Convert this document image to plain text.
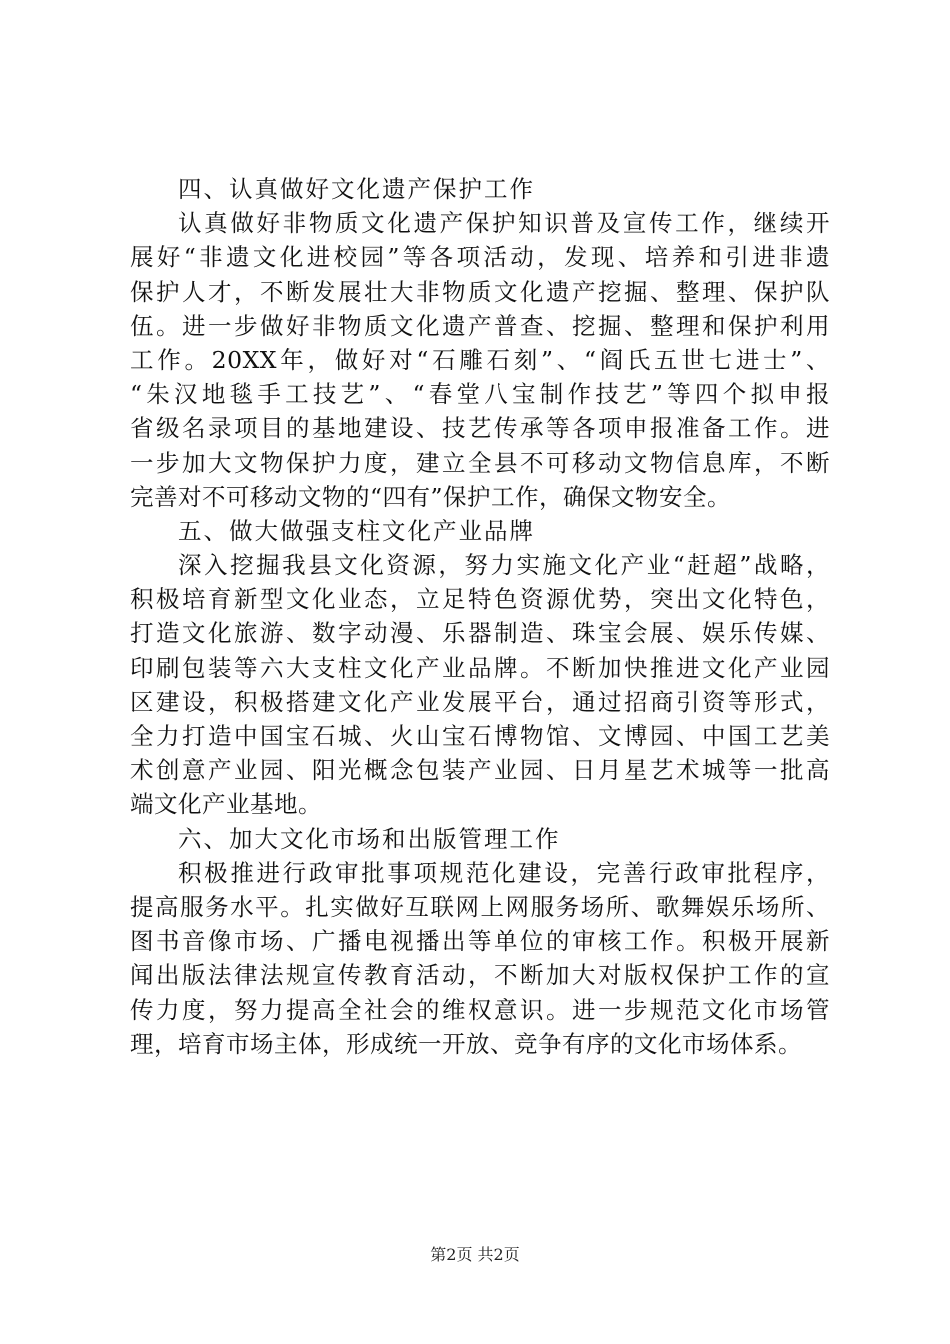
四、认真做好文化遗产保护工作
认真做好非物质文化遗产保护知识普及宣传工作，继续开
展好“非遗文化进校园”等各项活动，发现、培养和引进非遗
保护人才，不断发展壮大非物质文化遗产挖掘、整理、保护队
伍。进一步做好非物质文化遗产普查、挖掘、整理和保护利用
工作。20XX年，做好对“石雕石刻”、“阎氏五世七进士”、
“朱汉地毯手工技艺”、“春堂八宝制作技艺”等四个拟申报
省级名录项目的基地建设、技艺传承等各项申报准备工作。进
一步加大文物保护力度，建立全县不可移动文物信息库，不断
完善对不可移动文物的“四有”保护工作，确保文物安全。
五、做大做强支柱文化产业品牌
深入挖掘我县文化资源，努力实施文化产业“赶超”战略，
积极培育新型文化业态，立足特色资源优势，突出文化特色，
打造文化旅游、数字动漫、乐器制造、珠宝会展、娱乐传媒、
印刷包装等六大支柱文化产业品牌。不断加快推进文化产业园
区建设，积极搭建文化产业发展平台，通过招商引资等形式，
全力打造中国宝石城、火山宝石博物馆、文博园、中国工艺美
术创意产业园、阳光概念包装产业园、日月星艺术城等一批高
端文化产业基地。
六、加大文化市场和出版管理工作
积极推进行政审批事项规范化建设，完善行政审批程序，
提高服务水平。扎实做好互联网上网服务场所、歌舞娱乐场所、
图书音像市场、广播电视播出等单位的审核工作。积极开展新
闻出版法律法规宣传教育活动，不断加大对版权保护工作的宣
传力度，努力提高全社会的维权意识。进一步规范文化市场管
理，培育市场主体，形成统一开放、竞争有序的文化市场体系。
第2页 共2页
